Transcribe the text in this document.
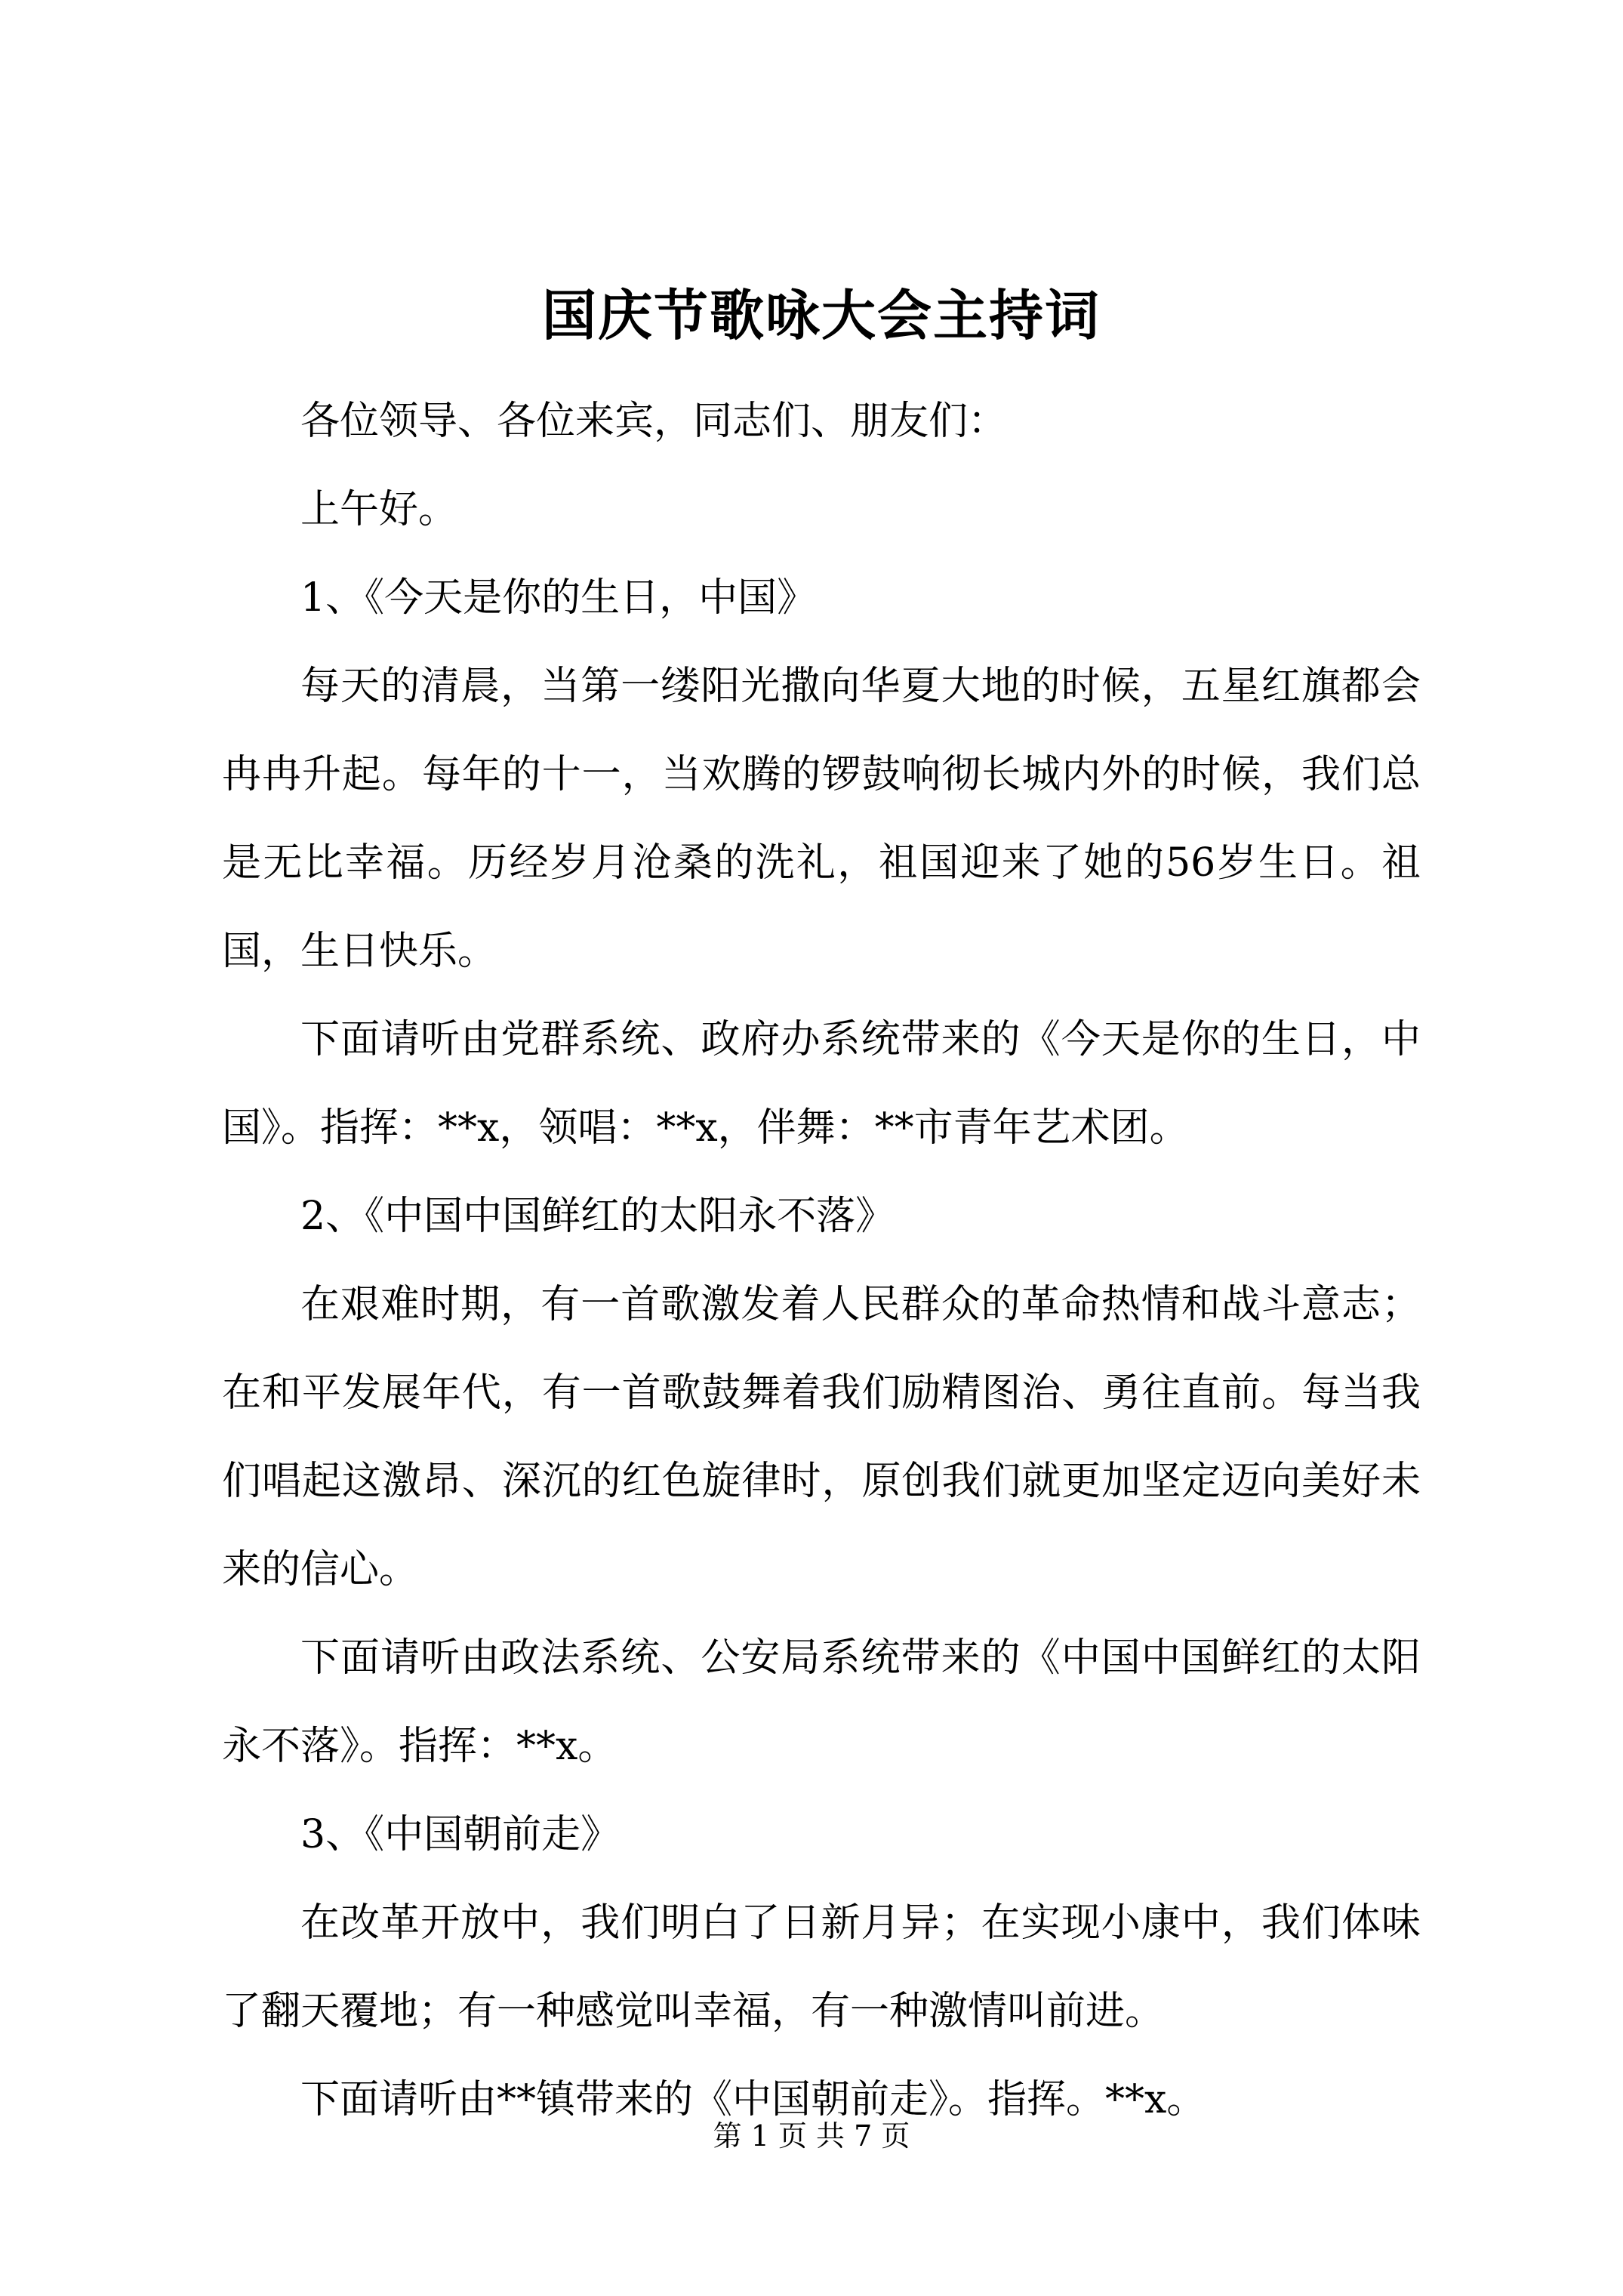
国庆节歌咏大会主持词

各位领导、各位来宾，同志们、朋友们：

上午好。

1、《今天是你的生日，中国》

每天的清晨，当第一缕阳光撒向华夏大地的时候，五星红旗都会冉冉升起。每年的十一，当欢腾的锣鼓响彻长城内外的时候，我们总是无比幸福。历经岁月沧桑的洗礼，祖国迎来了她的56岁生日。祖国，生日快乐。

下面请听由党群系统、政府办系统带来的《今天是你的生日，中国》。指挥：**x，领唱：**x，伴舞：**市青年艺术团。

2、《中国中国鲜红的太阳永不落》

在艰难时期，有一首歌激发着人民群众的革命热情和战斗意志；在和平发展年代，有一首歌鼓舞着我们励精图治、勇往直前。每当我们唱起这激昂、深沉的红色旋律时，原创我们就更加坚定迈向美好未来的信心。

下面请听由政法系统、公安局系统带来的《中国中国鲜红的太阳永不落》。指挥：**x。

3、《中国朝前走》

在改革开放中，我们明白了日新月异；在实现小康中，我们体味了翻天覆地；有一种感觉叫幸福，有一种激情叫前进。

下面请听由**镇带来的《中国朝前走》。指挥。**x。

第 1 页 共 7 页
